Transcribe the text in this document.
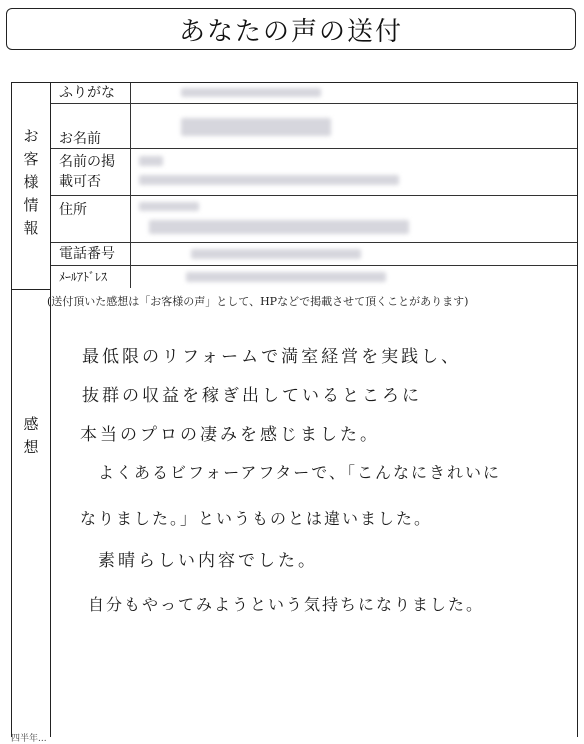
あなたの声の送付
お
客
様
情
報
ふりがな
お名前
名前の掲
載可否
住所
電話番号
ﾒｰﾙｱﾄﾞﾚｽ
感
想
(送付頂いた感想は「お客様の声」として、HPなどで掲載させて頂くことがあります)
最低限のリフォームで満室経営を実践し、
抜群の収益を稼ぎ出しているところに
本当のプロの凄みを感じました。
よくあるビフォーアフターで、「こんなにきれいに
なりました。」というものとは違いました。
素晴らしい内容でした。
自分もやってみようという気持ちになりました。
四半年...
